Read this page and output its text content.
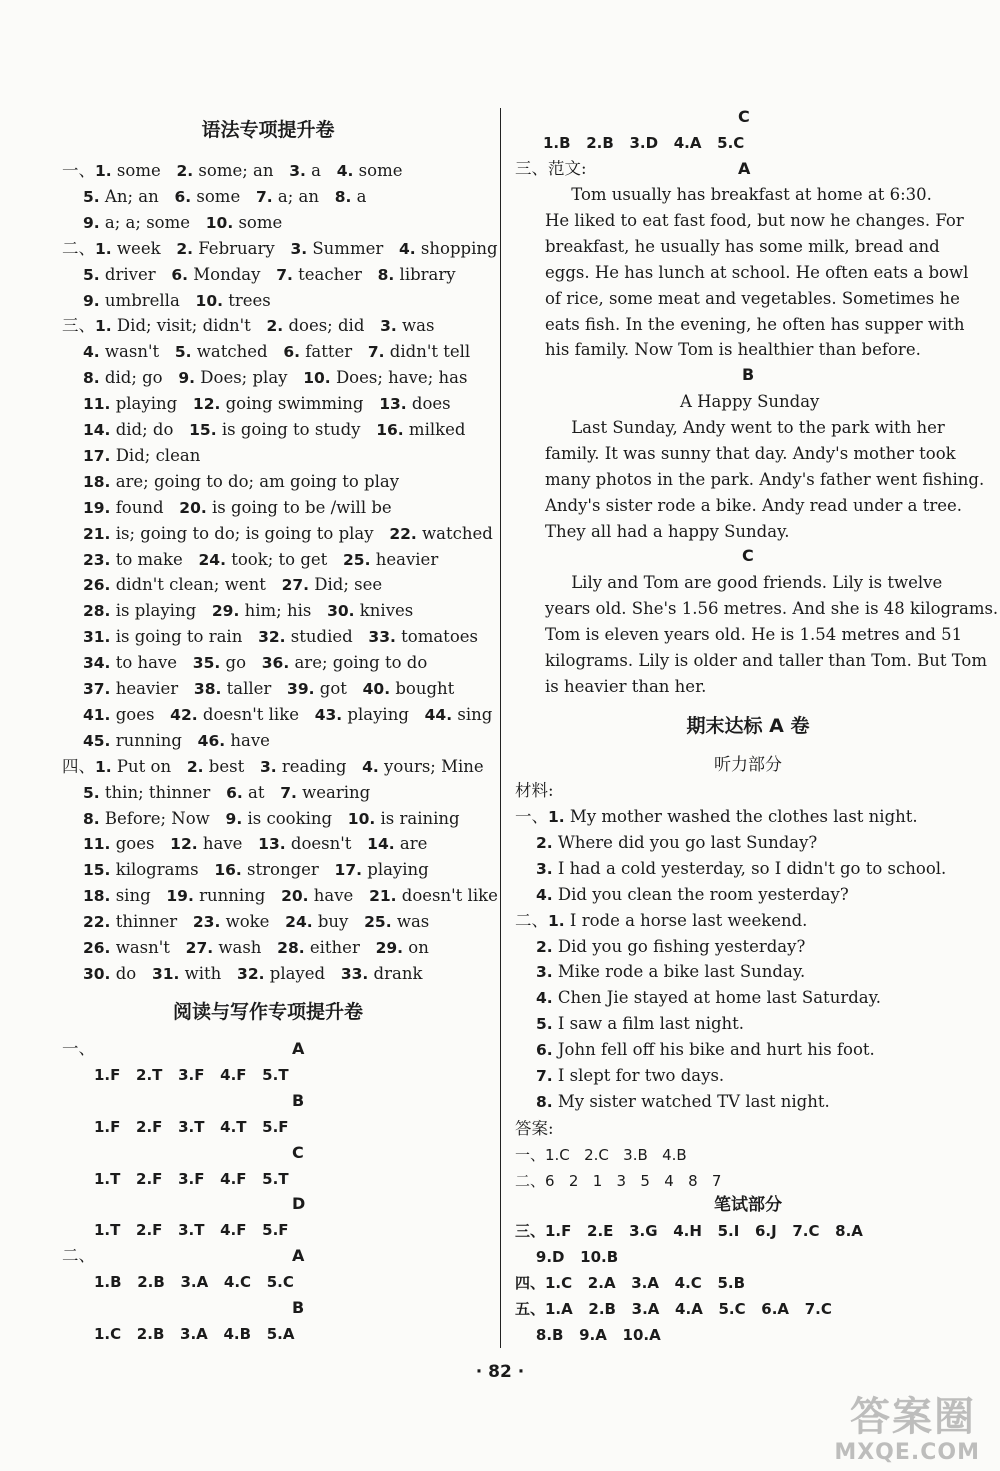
语法专项提升卷
一、1. some   2. some; an   3. a   4. some
5. An; an   6. some   7. a; an   8. a
9. a; a; some   10. some
二、1. week   2. February   3. Summer   4. shopping
5. driver   6. Monday   7. teacher   8. library
9. umbrella   10. trees
三、1. Did; visit; didn't   2. does; did   3. was
4. wasn't   5. watched   6. fatter   7. didn't tell
8. did; go   9. Does; play   10. Does; have; has
11. playing   12. going swimming   13. does
14. did; do   15. is going to study   16. milked
17. Did; clean
18. are; going to do; am going to play
19. found   20. is going to be /will be
21. is; going to do; is going to play   22. watched
23. to make   24. took; to get   25. heavier
26. didn't clean; went   27. Did; see
28. is playing   29. him; his   30. knives
31. is going to rain   32. studied   33. tomatoes
34. to have   35. go   36. are; going to do
37. heavier   38. taller   39. got   40. bought
41. goes   42. doesn't like   43. playing   44. sing
45. running   46. have
四、1. Put on   2. best   3. reading   4. yours; Mine
5. thin; thinner   6. at   7. wearing
8. Before; Now   9. is cooking   10. is raining
11. goes   12. have   13. doesn't   14. are
15. kilograms   16. stronger   17. playing
18. sing   19. running   20. have   21. doesn't like
22. thinner   23. woke   24. buy   25. was
26. wasn't   27. wash   28. either   29. on
30. do   31. with   32. played   33. drank
阅读与写作专项提升卷
一、	A
1.F   2.T   3.F   4.F   5.T
B
1.F   2.F   3.T   4.T   5.F
C
1.T   2.F   3.F   4.F   5.T
D
1.T   2.F   3.T   4.F   5.F
二、	A
1.B   2.B   3.A   4.C   5.C
B
1.C   2.B   3.A   4.B   5.A
C
1.B   2.B   3.D   4.A   5.C
三、范文:	A
Tom usually has breakfast at home at 6:30.
He liked to eat fast food, but now he changes. For
breakfast, he usually has some milk, bread and
eggs. He has lunch at school. He often eats a bowl
of rice, some meat and vegetables. Sometimes he
eats fish. In the evening, he often has supper with
his family. Now Tom is healthier than before.
B
A Happy Sunday
Last Sunday, Andy went to the park with her
family. It was sunny that day. Andy's mother took
many photos in the park. Andy's father went fishing.
Andy's sister rode a bike. Andy read under a tree.
They all had a happy Sunday.
C
Lily and Tom are good friends. Lily is twelve
years old. She's 1.56 metres. And she is 48 kilograms.
Tom is eleven years old. He is 1.54 metres and 51
kilograms. Lily is older and taller than Tom. But Tom
is heavier than her.
期末达标 A 卷
听力部分
材料:
一、1. My mother washed the clothes last night.
2. Where did you go last Sunday?
3. I had a cold yesterday, so I didn't go to school.
4. Did you clean the room yesterday?
二、1. I rode a horse last weekend.
2. Did you go fishing yesterday?
3. Mike rode a bike last Sunday.
4. Chen Jie stayed at home last Saturday.
5. I saw a film last night.
6. John fell off his bike and hurt his foot.
7. I slept for two days.
8. My sister watched TV last night.
答案:
一、1.C   2.C   3.B   4.B
二、6   2   1   3   5   4   8   7
笔试部分
三、1.F   2.E   3.G   4.H   5.I   6.J   7.C   8.A
9.D   10.B
四、1.C   2.A   3.A   4.C   5.B
五、1.A   2.B   3.A   4.A   5.C   6.A   7.C
8.B   9.A   10.A
· 82 ·
答案圈
MXQE.COM
